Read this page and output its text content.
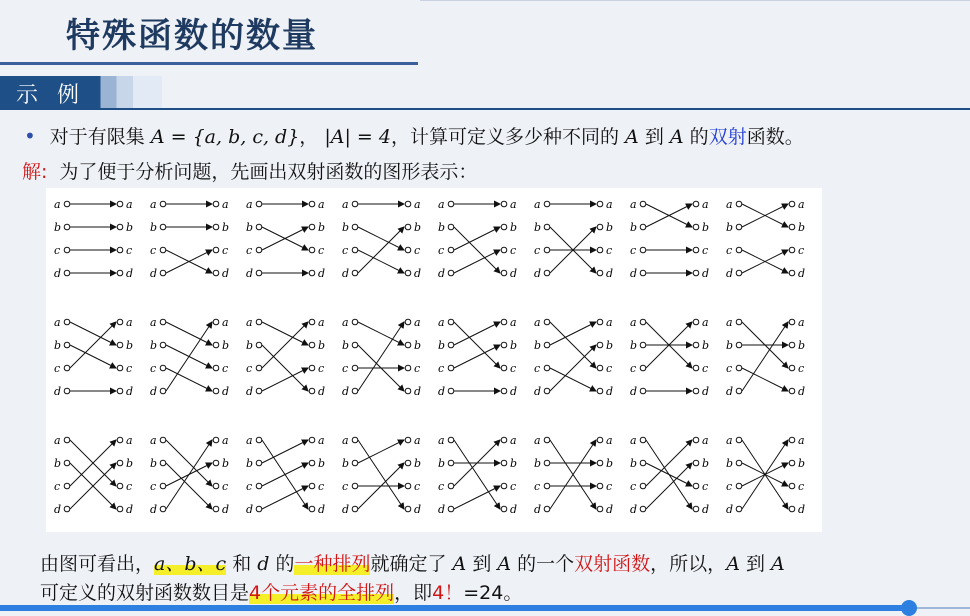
特殊函数的数量
示 例
• 对于有限集 A = {a, b, c, d}， |A| = 4，计算可定义多少种不同的 A 到 A 的双射函数。
解: 为了便于分析问题，先画出双射函数的图形表示：
a	a
b	b
c	c
d	d
a	a
b	b
c	c
d	d
a	a
b	b
c	c
d	d
a	a
b	b
c	c
d	d
a	a
b	b
c	c
d	d
a	a
b	b
c	c
d	d
a	a
b	b
c	c
d	d
a	a
b	b
c	c
d	d
a	a
b	b
c	c
d	d
a	a
b	b
c	c
d	d
a	a
b	b
c	c
d	d
a	a
b	b
c	c
d	d
a	a
b	b
c	c
d	d
a	a
b	b
c	c
d	d
a	a
b	b
c	c
d	d
a	a
b	b
c	c
d	d
a	a
b	b
c	c
d	d
a	a
b	b
c	c
d	d
a	a
b	b
c	c
d	d
a	a
b	b
c	c
d	d
a	a
b	b
c	c
d	d
a	a
b	b
c	c
d	d
a	a
b	b
c	c
d	d
a	a
b	b
c	c
d	d
由图可看出，a、b、c 和 d 的一种排列就确定了 A 到 A 的一个双射函数，所以，A 到 A
可定义的双射函数数目是4个元素的全排列，即4！=24。
